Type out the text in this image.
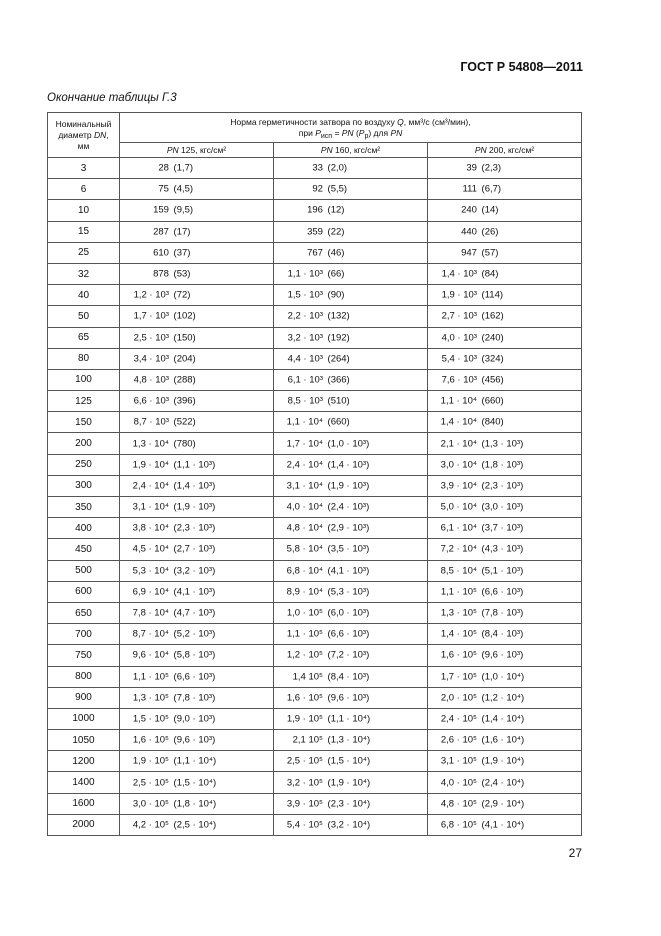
ГОСТ Р 54808—2011
Окончание таблицы Г.3
Номинальный
диаметр DN,
мм	Норма герметичности затвора по воздуху Q, мм³/с (см³/мин),
при $P_{исп}$ = PN $(P_р)$ для PN		
	PN 125, кгс/см²	PN 160, кгс/см²	PN 200, кгс/см²
3	28 (1,7)	33 (2,0)	39 (2,3)

6	75 (4,5)	92 (5,5)	111 (6,7)

10	159 (9,5)	196 (12)	240 (14)

15	287 (17)	359 (22)	440 (26)

25	610 (37)	767 (46)	947 (57)

32	878 (53)	1,1 · 10³ (66)	1,4 · 10³ (84)

40	1,2 · 10³ (72)	1,5 · 10³ (90)	1,9 · 10³ (114)

50	1,7 · 10³ (102)	2,2 · 10³ (132)	2,7 · 10³ (162)

65	2,5 · 10³ (150)	3,2 · 10³ (192)	4,0 · 10³ (240)

80	3,4 · 10³ (204)	4,4 · 10³ (264)	5,4 · 10³ (324)

100	4,8 · 10³ (288)	6,1 · 10³ (366)	7,6 · 10³ (456)

125	6,6 · 10³ (396)	8,5 · 10³ (510)	1,1 · 10⁴ (660)

150	8,7 · 10³ (522)	1,1 · 10⁴ (660)	1,4 · 10⁴ (840)

200	1,3 · 10⁴ (780)	1,7 · 10⁴ (1,0 · 10³)	2,1 · 10⁴ (1,3 · 10³)

250	1,9 · 10⁴ (1,1 · 10³)	2,4 · 10⁴ (1,4 · 10³)	3,0 · 10⁴ (1,8 · 10³)

300	2,4 · 10⁴ (1,4 · 10³)	3,1 · 10⁴ (1,9 · 10³)	3,9 · 10⁴ (2,3 · 10³)

350	3,1 · 10⁴ (1,9 · 10³)	4,0 · 10⁴ (2,4 · 10³)	5,0 · 10⁴ (3,0 · 10³)

400	3,8 · 10⁴ (2,3 · 10³)	4,8 · 10⁴ (2,9 · 10³)	6,1 · 10⁴ (3,7 · 10³)

450	4,5 · 10⁴ (2,7 · 10³)	5,8 · 10⁴ (3,5 · 10³)	7,2 · 10⁴ (4,3 · 10³)

500	5,3 · 10⁴ (3,2 · 10³)	6,8 · 10⁴ (4,1 · 10³)	8,5 · 10⁴ (5,1 · 10³)

600	6,9 · 10⁴ (4,1 · 10³)	8,9 · 10⁴ (5,3 · 10³)	1,1 · 10⁵ (6,6 · 10³)

650	7,8 · 10⁴ (4,7 · 10³)	1,0 · 10⁵ (6,0 · 10³)	1,3 · 10⁵ (7,8 · 10³)

700	8,7 · 10⁴ (5,2 · 10³)	1,1 · 10⁵ (6,6 · 10³)	1,4 · 10⁵ (8,4 · 10³)

750	9,6 · 10⁴ (5,8 · 10³)	1,2 · 10⁵ (7,2 · 10³)	1,6 · 10⁵ (9,6 · 10³)

800	1,1 · 10⁵ (6,6 · 10³)	1,4 10⁵ (8,4 · 10³)	1,7 · 10⁵ (1,0 · 10⁴)

900	1,3 · 10⁵ (7,8 · 10³)	1,6 · 10⁵ (9,6 · 10³)	2,0 · 10⁵ (1,2 · 10⁴)

1000	1,5 · 10⁵ (9,0 · 10³)	1,9 · 10⁵ (1,1 · 10⁴)	2,4 · 10⁵ (1,4 · 10⁴)

1050	1,6 · 10⁵ (9,6 · 10³)	2,1 10⁵ (1,3 · 10⁴)	2,6 · 10⁵ (1,6 · 10⁴)

1200	1,9 · 10⁵ (1,1 · 10⁴)	2,5 · 10⁵ (1,5 · 10⁴)	3,1 · 10⁵ (1,9 · 10⁴)

1400	2,5 · 10⁵ (1,5 · 10⁴)	3,2 · 10⁵ (1,9 · 10⁴)	4,0 · 10⁵ (2,4 · 10⁴)

1600	3,0 · 10⁵ (1,8 · 10⁴)	3,9 · 10⁵ (2,3 · 10⁴)	4,8 · 10⁵ (2,9 · 10⁴)

2000	4,2 · 10⁵ (2,5 · 10⁴)	5,4 · 10⁵ (3,2 · 10⁴)	6,8 · 10⁵ (4,1 · 10⁴)
27
